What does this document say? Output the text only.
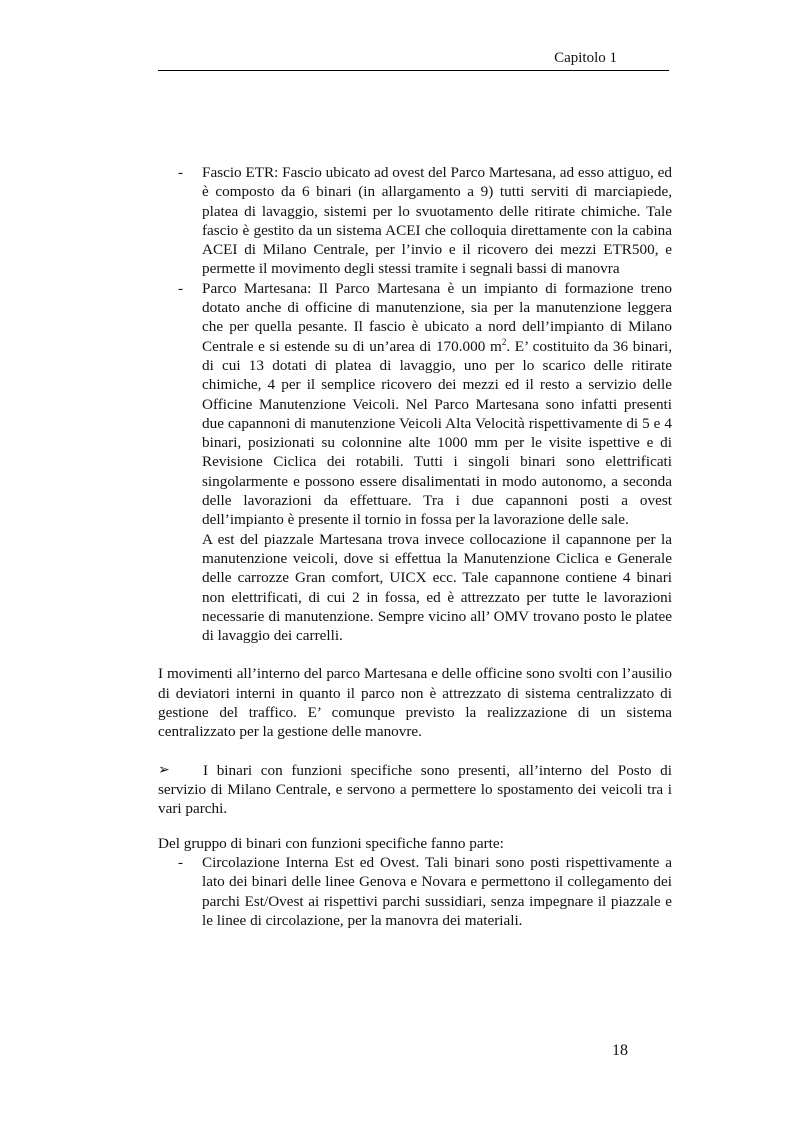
Capitolo 1
- Fascio ETR: Fascio ubicato ad ovest del Parco Martesana, ad esso attiguo, ed è composto da 6 binari (in allargamento a 9) tutti serviti di marciapiede, platea di lavaggio, sistemi per lo svuotamento delle ritirate chimiche. Tale fascio è gestito da un sistema ACEI che colloquia direttamente con la cabina ACEI di Milano Centrale, per l’invio e il ricovero dei mezzi ETR500, e permette il movimento degli stessi tramite i segnali bassi di manovra

- Parco Martesana: Il Parco Martesana è un impianto di formazione treno dotato anche di officine di manutenzione, sia per la manutenzione leggera che per quella pesante. Il fascio è ubicato a nord dell’impianto di Milano Centrale e si estende su di un’area di 170.000 $m^2$. E’ costituito da 36 binari, di cui 13 dotati di platea di lavaggio, uno per lo scarico delle ritirate chimiche, 4 per il semplice ricovero dei mezzi ed il resto a servizio delle Officine Manutenzione Veicoli. Nel Parco Martesana sono infatti presenti due capannoni di manutenzione Veicoli Alta Velocità rispettivamente di 5 e 4 binari, posizionati su colonnine alte 1000 mm per le visite ispettive e di Revisione Ciclica dei rotabili. Tutti i singoli binari sono elettrificati singolarmente e possono essere disalimentati in modo autonomo, a seconda delle lavorazioni da effettuare. Tra i due capannoni posti a ovest dell’impianto è presente il tornio in fossa per la lavorazione delle sale.

A est del piazzale Martesana trova invece collocazione il capannone per la manutenzione veicoli, dove si effettua la Manutenzione Ciclica e Generale delle carrozze Gran comfort, UICX ecc. Tale capannone contiene 4 binari non elettrificati, di cui 2 in fossa, ed è attrezzato per tutte le lavorazioni necessarie di manutenzione. Sempre vicino all’ OMV trovano posto le platee di lavaggio dei carrelli.

I movimenti all’interno del parco Martesana e delle officine sono svolti con l’ausilio di deviatori interni in quanto il parco non è attrezzato di sistema centralizzato di gestione del traffico. E’ comunque previsto la realizzazione di un sistema centralizzato per la gestione delle manovre.

➢	I binari con funzioni specifiche sono presenti, all’interno del Posto di servizio di Milano Centrale, e servono a permettere lo spostamento dei veicoli tra i vari parchi.

Del gruppo di binari con funzioni specifiche fanno parte:

- Circolazione Interna Est ed Ovest. Tali binari sono posti rispettivamente a lato dei binari delle linee Genova e Novara e permettono il collegamento dei parchi Est/Ovest ai rispettivi parchi sussidiari, senza impegnare il piazzale e le linee di circolazione, per la manovra dei materiali.

18
